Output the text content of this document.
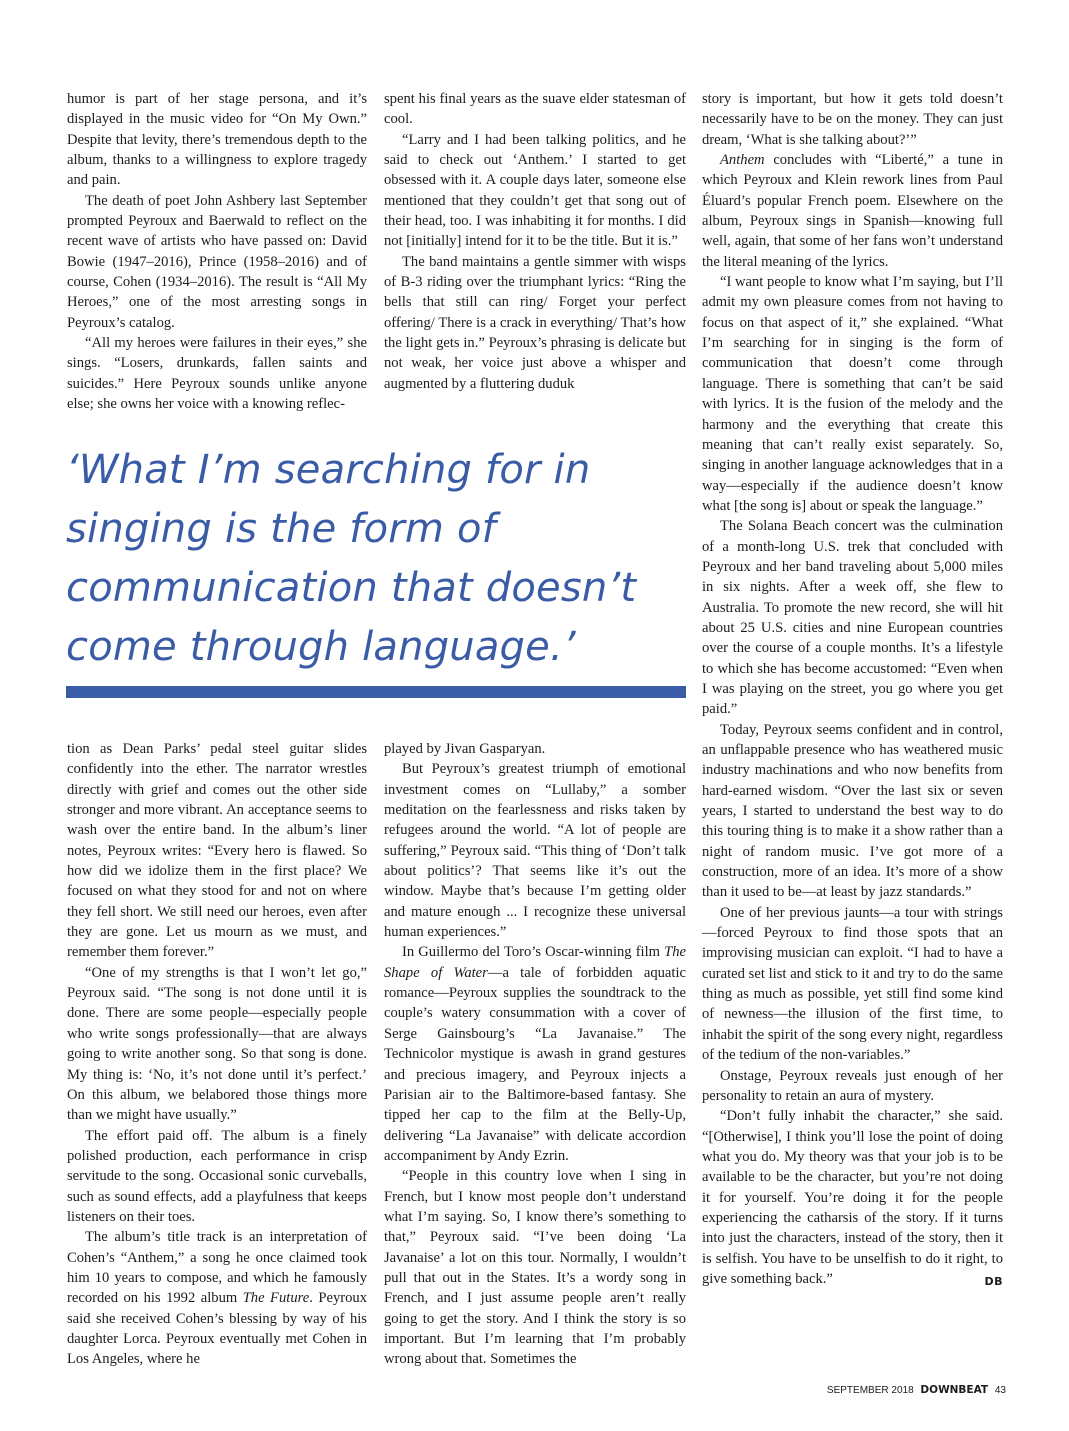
humor is part of her stage persona, and it’s displayed in the music video for “On My Own.” Despite that levity, there’s tremendous depth to the album, thanks to a willingness to explore tragedy and pain.

The death of poet John Ashbery last September prompted Peyroux and Baerwald to reflect on the recent wave of artists who have passed on: David Bowie (1947–2016), Prince (1958–2016) and of course, Cohen (1934–2016). The result is “All My Heroes,” one of the most arresting songs in Peyroux’s catalog.

“All my heroes were failures in their eyes,” she sings. “Losers, drunkards, fallen saints and suicides.” Here Peyroux sounds unlike anyone else; she owns her voice with a knowing reflec-

spent his final years as the suave elder statesman of cool.

“Larry and I had been talking politics, and he said to check out ‘Anthem.’ I started to get obsessed with it. A couple days later, someone else mentioned that they couldn’t get that song out of their head, too. I was inhabiting it for months. I did not [initially] intend for it to be the title. But it is.”

The band maintains a gentle simmer with wisps of B-3 riding over the triumphant lyrics: “Ring the bells that still can ring/ Forget your perfect offering/ There is a crack in everything/ That’s how the light gets in.” Peyroux’s phrasing is delicate but not weak, her voice just above a whisper and augmented by a fluttering duduk

story is important, but how it gets told doesn’t necessarily have to be on the money. They can just dream, ‘What is she talking about?’”

Anthem concludes with “Liberté,” a tune in which Peyroux and Klein rework lines from Paul Éluard’s popular French poem. Elsewhere on the album, Peyroux sings in Spanish—knowing full well, again, that some of her fans won’t understand the literal meaning of the lyrics.

“I want people to know what I’m saying, but I’ll admit my own pleasure comes from not having to focus on that aspect of it,” she explained. “What I’m searching for in singing is the form of communication that doesn’t come through language. There is something that can’t be said with lyrics. It is the fusion of the melody and the harmony and the everything that create this meaning that can’t really exist separately. So, singing in another language acknowledges that in a way—especially if the audience doesn’t know what [the song is] about or speak the language.”

The Solana Beach concert was the culmination of a month-long U.S. trek that concluded with Peyroux and her band traveling about 5,000 miles in six nights. After a week off, she flew to Australia. To promote the new record, she will hit about 25 U.S. cities and nine European countries over the course of a couple months. It’s a lifestyle to which she has become accustomed: “Even when I was playing on the street, you go where you get paid.”

Today, Peyroux seems confident and in control, an unflappable presence who has weathered music industry machinations and who now benefits from hard-earned wisdom. “Over the last six or seven years, I started to understand the best way to do this touring thing is to make it a show rather than a night of random music. I’ve got more of a construction, more of an idea. It’s more of a show than it used to be—at least by jazz standards.”

One of her previous jaunts—a tour with strings—forced Peyroux to find those spots that an improvising musician can exploit. “I had to have a curated set list and stick to it and try to do the same thing as much as possible, yet still find some kind of newness—the illusion of the first time, to inhabit the spirit of the song every night, regardless of the tedium of the non-variables.”

Onstage, Peyroux reveals just enough of her personality to retain an aura of mystery.

“Don’t fully inhabit the character,” she said. “[Otherwise], I think you’ll lose the point of doing what you do. My theory was that your job is to be available to be the character, but you’re not doing it for yourself. You’re doing it for the people experiencing the catharsis of the story. If it turns into just the characters, instead of the story, then it is selfish. You have to be unselfish to do it right, to give something back.”	DB

‘What I’m searching for in
singing is the form of
communication that doesn’t
come through language.’

tion as Dean Parks’ pedal steel guitar slides confidently into the ether. The narrator wrestles directly with grief and comes out the other side stronger and more vibrant. An acceptance seems to wash over the entire band. In the album’s liner notes, Peyroux writes: “Every hero is flawed. So how did we idolize them in the first place? We focused on what they stood for and not on where they fell short. We still need our heroes, even after they are gone. Let us mourn as we must, and remember them forever.”

“One of my strengths is that I won’t let go,” Peyroux said. “The song is not done until it is done. There are some people—especially people who write songs professionally—that are always going to write another song. So that song is done. My thing is: ‘No, it’s not done until it’s perfect.’ On this album, we belabored those things more than we might have usually.”

The effort paid off. The album is a finely polished production, each performance in crisp servitude to the song. Occasional sonic curveballs, such as sound effects, add a playfulness that keeps listeners on their toes.

The album’s title track is an interpretation of Cohen’s “Anthem,” a song he once claimed took him 10 years to compose, and which he famously recorded on his 1992 album The Future. Peyroux said she received Cohen’s blessing by way of his daughter Lorca. Peyroux eventually met Cohen in Los Angeles, where he

played by Jivan Gasparyan.

But Peyroux’s greatest triumph of emotional investment comes on “Lullaby,” a somber meditation on the fearlessness and risks taken by refugees around the world. “A lot of people are suffering,” Peyroux said. “This thing of ‘Don’t talk about politics’? That seems like it’s out the window. Maybe that’s because I’m getting older and mature enough ... I recognize these universal human experiences.”

In Guillermo del Toro’s Oscar-winning film The Shape of Water—a tale of forbidden aquatic romance—Peyroux supplies the soundtrack to the couple’s watery consummation with a cover of Serge Gainsbourg’s “La Javanaise.” The Technicolor mystique is awash in grand gestures and precious imagery, and Peyroux injects a Parisian air to the Baltimore-based fantasy. She tipped her cap to the film at the Belly-Up, delivering “La Javanaise” with delicate accordion accompaniment by Andy Ezrin.

“People in this country love when I sing in French, but I know most people don’t understand what I’m saying. So, I know there’s something to that,” Peyroux said. “I’ve been doing ‘La Javanaise’ a lot on this tour. Normally, I wouldn’t pull that out in the States. It’s a wordy song in French, and I just assume people aren’t really going to get the story. And I think the story is so important. But I’m learning that I’m probably wrong about that. Sometimes the

SEPTEMBER 2018 DOWNBEAT 43
